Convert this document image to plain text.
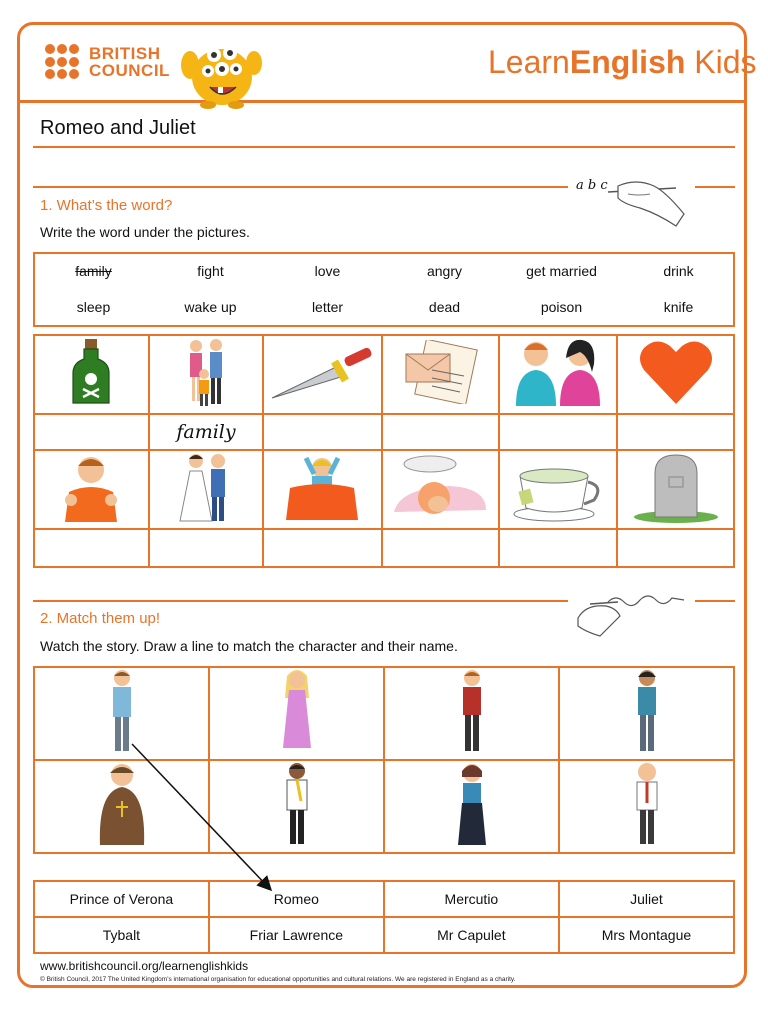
BRITISH COUNCIL	LearnEnglish Kids
Romeo and Juliet
a b c
1. What’s the word?
Write the word under the pictures.
family	fight	love	angry	get married	drink
sleep	wake up	letter	dead	poison	knife

	family				

2. Match them up!
Watch the story. Draw a line to match the character and their name.

Prince of Verona	Romeo	Mercutio	Juliet
Tybalt	Friar Lawrence	Mr Capulet	Mrs Montague
www.britishcouncil.org/learnenglishkids
© British Council, 2017 The United Kingdom’s international organisation for educational opportunities and cultural relations. We are registered in England as a charity.
